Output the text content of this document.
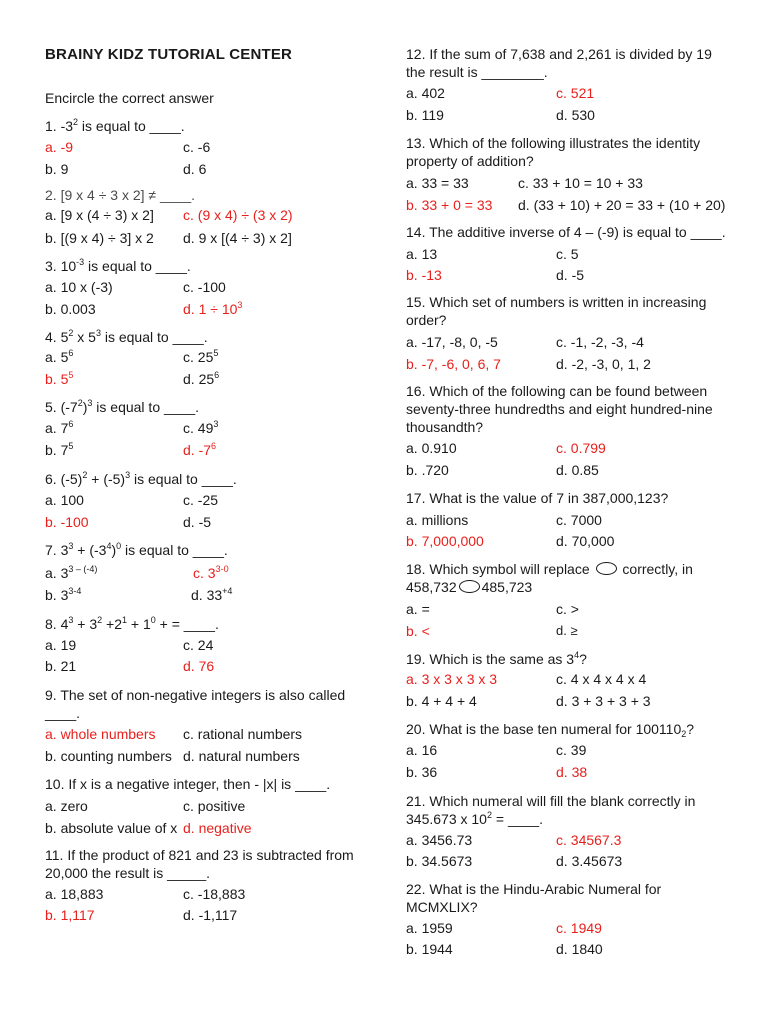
BRAINY KIDZ TUTORIAL CENTER
Encircle the correct answer
1. $-3^2$ is equal to ____.
a. -9	c. -6
b. 9	d. 6
2. [9 x 4 ÷ 3 x 2] ≠ ____.
a. [9 x (4 ÷ 3) x 2] c. (9 x 4) ÷ (3 x 2)
b. [(9 x 4) ÷ 3] x 2 d. 9 x [(4 ÷ 3) x 2]
3. $10^{-3}$ is equal to ____.
a. 10 x (-3)	c. -100
b. 0.003	d. $1 \div 10^3$
4. $5^2$ x $5^3$ is equal to ____.
a. $5^6$	c. $25^5$
b. $5^5$	d. $25^6$
5. $(-7^2)^3$ is equal to ____.
a. $7^6$	c. $49^3$
b. $7^5$	d. $-7^6$
6. $(-5)^2 + (-5)^3$ is equal to ____.
a. 100	c. -25
b. -100	d. -5
7. $3^3 + (-3^4)^0$ is equal to ____.
a. $3^{3 - (-4)}$	c. 3$^{3-0}$
b. 3$^{3-4}$	d. $33^{+4}$
8. $4^3 + 3^2 +2^1 + 1^0$ + = ____.
a. 19	c. 24
b. 21	d. 76
9. The set of non-negative integers is also called
____.
a. whole numbers c. rational numbers
b. counting numbers d. natural numbers
10. If x is a negative integer, then - |x| is ____.
a. zero	c. positive
b. absolute value of x d. negative
11. If the product of 821 and 23 is subtracted from
20,000 the result is _____.
a. 18,883	c. -18,883
b. 1,117	d. -1,117
12. If the sum of 7,638 and 2,261 is divided by 19
the result is ________.
a. 402	c. 521
b. 119	d. 530
13. Which of the following illustrates the identity
property of addition?
a. 33 = 33	c. 33 + 10 = 10 + 33
b. 33 + 0 = 33 d. (33 + 10) + 20 = 33 + (10 + 20)
14. The additive inverse of 4 – (-9) is equal to ____.
a. 13	c. 5
b. -13	d. -5
15. Which set of numbers is written in increasing
order?
a. -17, -8, 0, -5	c. -1, -2, -3, -4
b. -7, -6, 0, 6, 7	d. -2, -3, 0, 1, 2
16. Which of the following can be found between
seventy-three hundredths and eight hundred-nine
thousandth?
a. 0.910	c. 0.799
b. .720	d. 0.85
17. What is the value of 7 in 387,000,123?
a. millions	c. 7000
b. 7,000,000	d. 70,000
18. Which symbol will replace correctly, in
458,732 485,723
a. =	c. >
b. <	d. ≥
19. Which is the same as $3^4$?
a. 3 x 3 x 3 x 3	c. 4 x 4 x 4 x 4
b. 4 + 4 + 4	d. 3 + 3 + 3 + 3
20. What is the base ten numeral for $100110_2$?
a. 16	c. 39
b. 36	d. 38
21. Which numeral will fill the blank correctly in
345.673 x $10^2$ = ____.
a. 3456.73	c. 34567.3
b. 34.5673	d. 3.45673
22. What is the Hindu-Arabic Numeral for
MCMXLIX?
a. 1959	c. 1949
b. 1944	d. 1840
